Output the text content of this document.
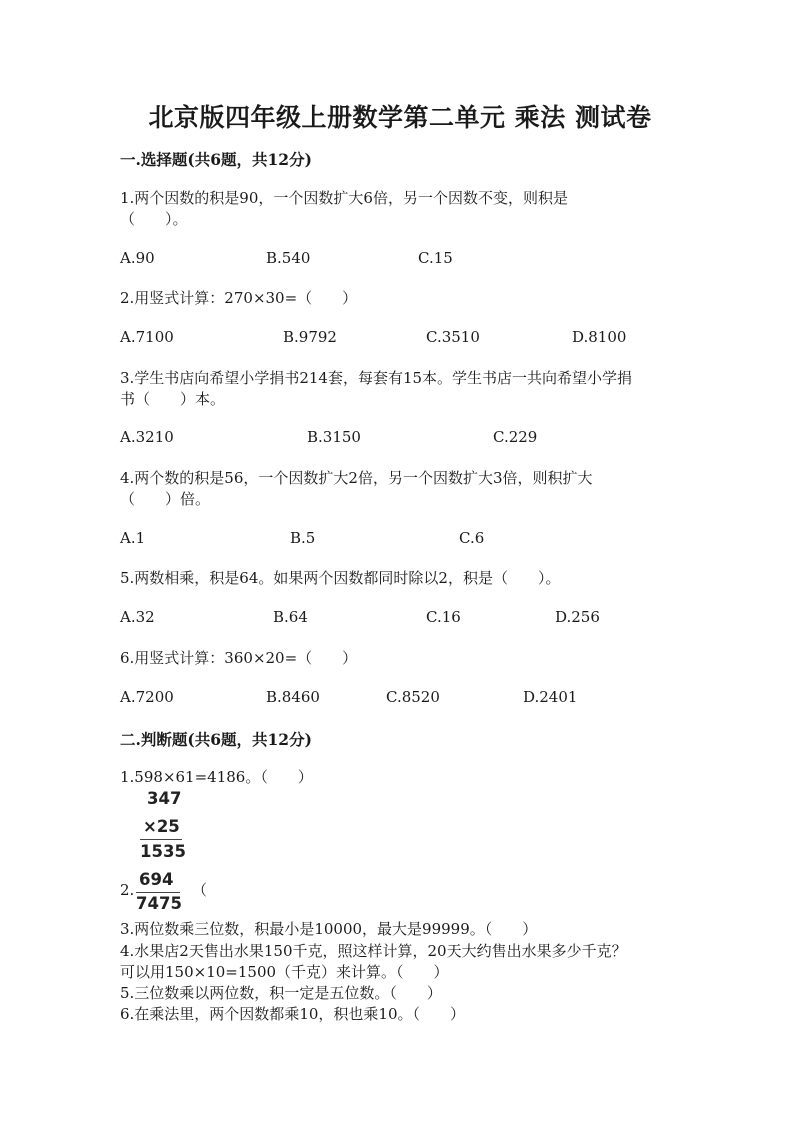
北京版四年级上册数学第二单元 乘法 测试卷
一.选择题(共6题，共12分)
1.两个因数的积是90，一个因数扩大6倍，另一个因数不变，则积是
（　　）。
A.90	B.540	C.15
2.用竖式计算：270×30=（　　）
A.7100	B.9792	C.3510	D.8100
3.学生书店向希望小学捐书214套，每套有15本。学生书店一共向希望小学捐
书（　　）本。
A.3210	B.3150	C.229
4.两个数的积是56，一个因数扩大2倍，另一个因数扩大3倍，则积扩大
（　　）倍。
A.1	B.5	C.6
5.两数相乘，积是64。如果两个因数都同时除以2，积是（　　）。
A.32	B.64	C.16	D.256
6.用竖式计算：360×20=（　　）
A.7200	B.8460	C.8520	D.2401
二.判断题(共6题，共12分)
1.598×61=4186。（　　）
347
×25
1535
2.
694
7475
（
3.两位数乘三位数，积最小是10000，最大是99999。（　　）
4.水果店2天售出水果150千克，照这样计算，20天大约售出水果多少千克？
可以用150×10=1500（千克）来计算。（　　）
5.三位数乘以两位数，积一定是五位数。（　　）
6.在乘法里，两个因数都乘10，积也乘10。（　　）
